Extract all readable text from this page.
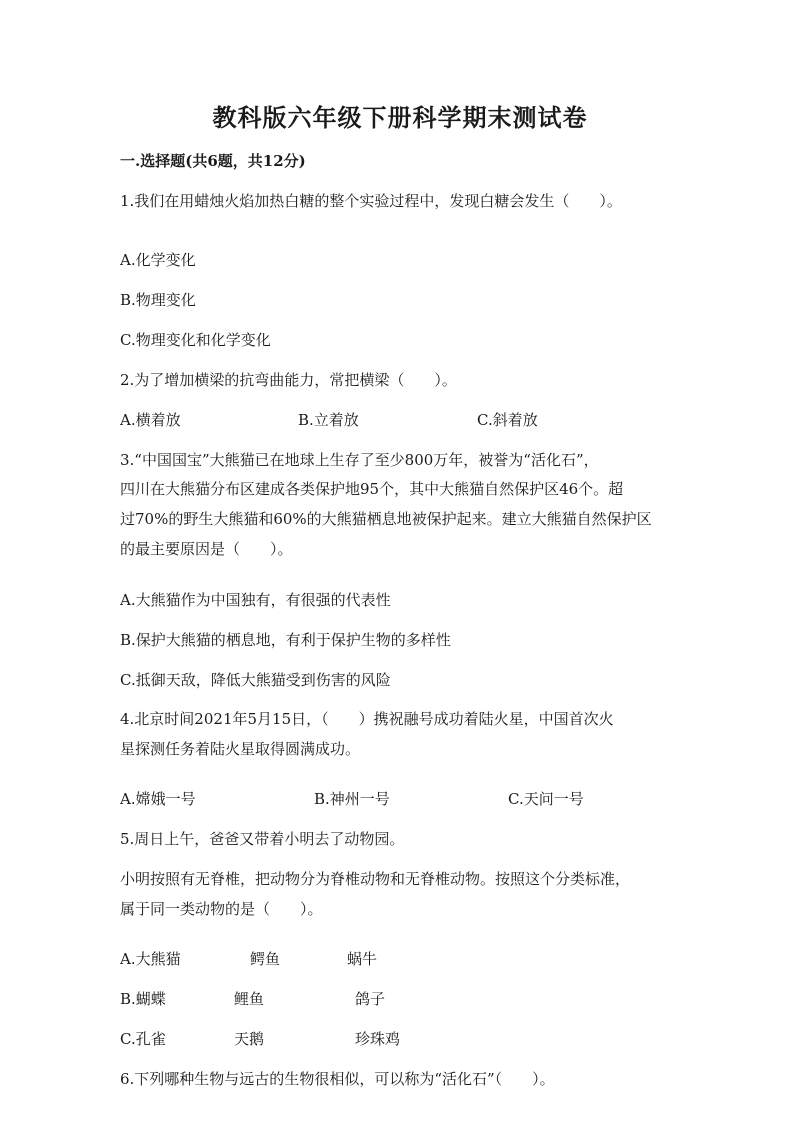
教科版六年级下册科学期末测试卷
一.选择题(共6题，共12分)
1.我们在用蜡烛火焰加热白糖的整个实验过程中，发现白糖会发生（　　）。
A.化学变化
B.物理变化
C.物理变化和化学变化
2.为了增加横梁的抗弯曲能力，常把横梁（　　）。
A.横着放	B.立着放	C.斜着放
3.“中国国宝”大熊猫已在地球上生存了至少800万年，被誉为“活化石”，
四川在大熊猫分布区建成各类保护地95个，其中大熊猫自然保护区46个。超
过70%的野生大熊猫和60%的大熊猫栖息地被保护起来。建立大熊猫自然保护区
的最主要原因是（　　）。
A.大熊猫作为中国独有，有很强的代表性
B.保护大熊猫的栖息地，有利于保护生物的多样性
C.抵御天敌，降低大熊猫受到伤害的风险
4.北京时间2021年5月15日，（　　）携祝融号成功着陆火星，中国首次火
星探测任务着陆火星取得圆满成功。
A.嫦娥一号	B.神州一号	C.天问一号
5.周日上午，爸爸又带着小明去了动物园。
小明按照有无脊椎，把动物分为脊椎动物和无脊椎动物。按照这个分类标准，
属于同一类动物的是（　　）。
A.大熊猫	鳄鱼	蜗牛
B.蝴蝶	鲤鱼	鸽子
C.孔雀	天鹅	珍珠鸡
6.下列哪种生物与远古的生物很相似，可以称为“活化石”（　　）。
